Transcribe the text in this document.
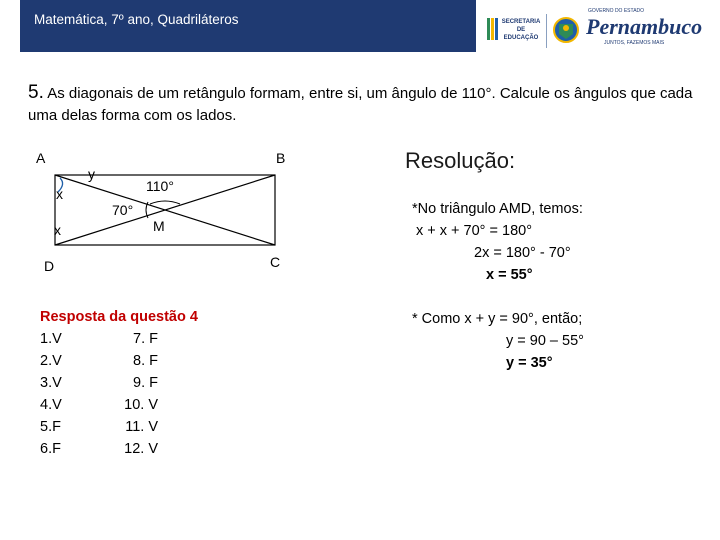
Matemática, 7º ano, Quadriláteros	SECRETARIA
DE EDUCAÇÃO
GOVERNO DO ESTADO
Pernambuco
JUNTOS, FAZEMOS MAIS
5. As diagonais de um retângulo formam, entre si, um ângulo de 110°. Calcule os ângulos que cada uma delas forma com os lados.
A	B
C
D
M
y
x
x
110°
70°
Resposta da questão 4
1.V	7. F
2.V	8. F
3.V	9. F
4.V	10. V
5.F	11. V
6.F	12. V
Resolução:
*No triângulo AMD, temos:
x + x + 70° = 180°
2x = 180° - 70°
x = 55°
* Como x + y = 90°, então;
y = 90 – 55°
y = 35°
